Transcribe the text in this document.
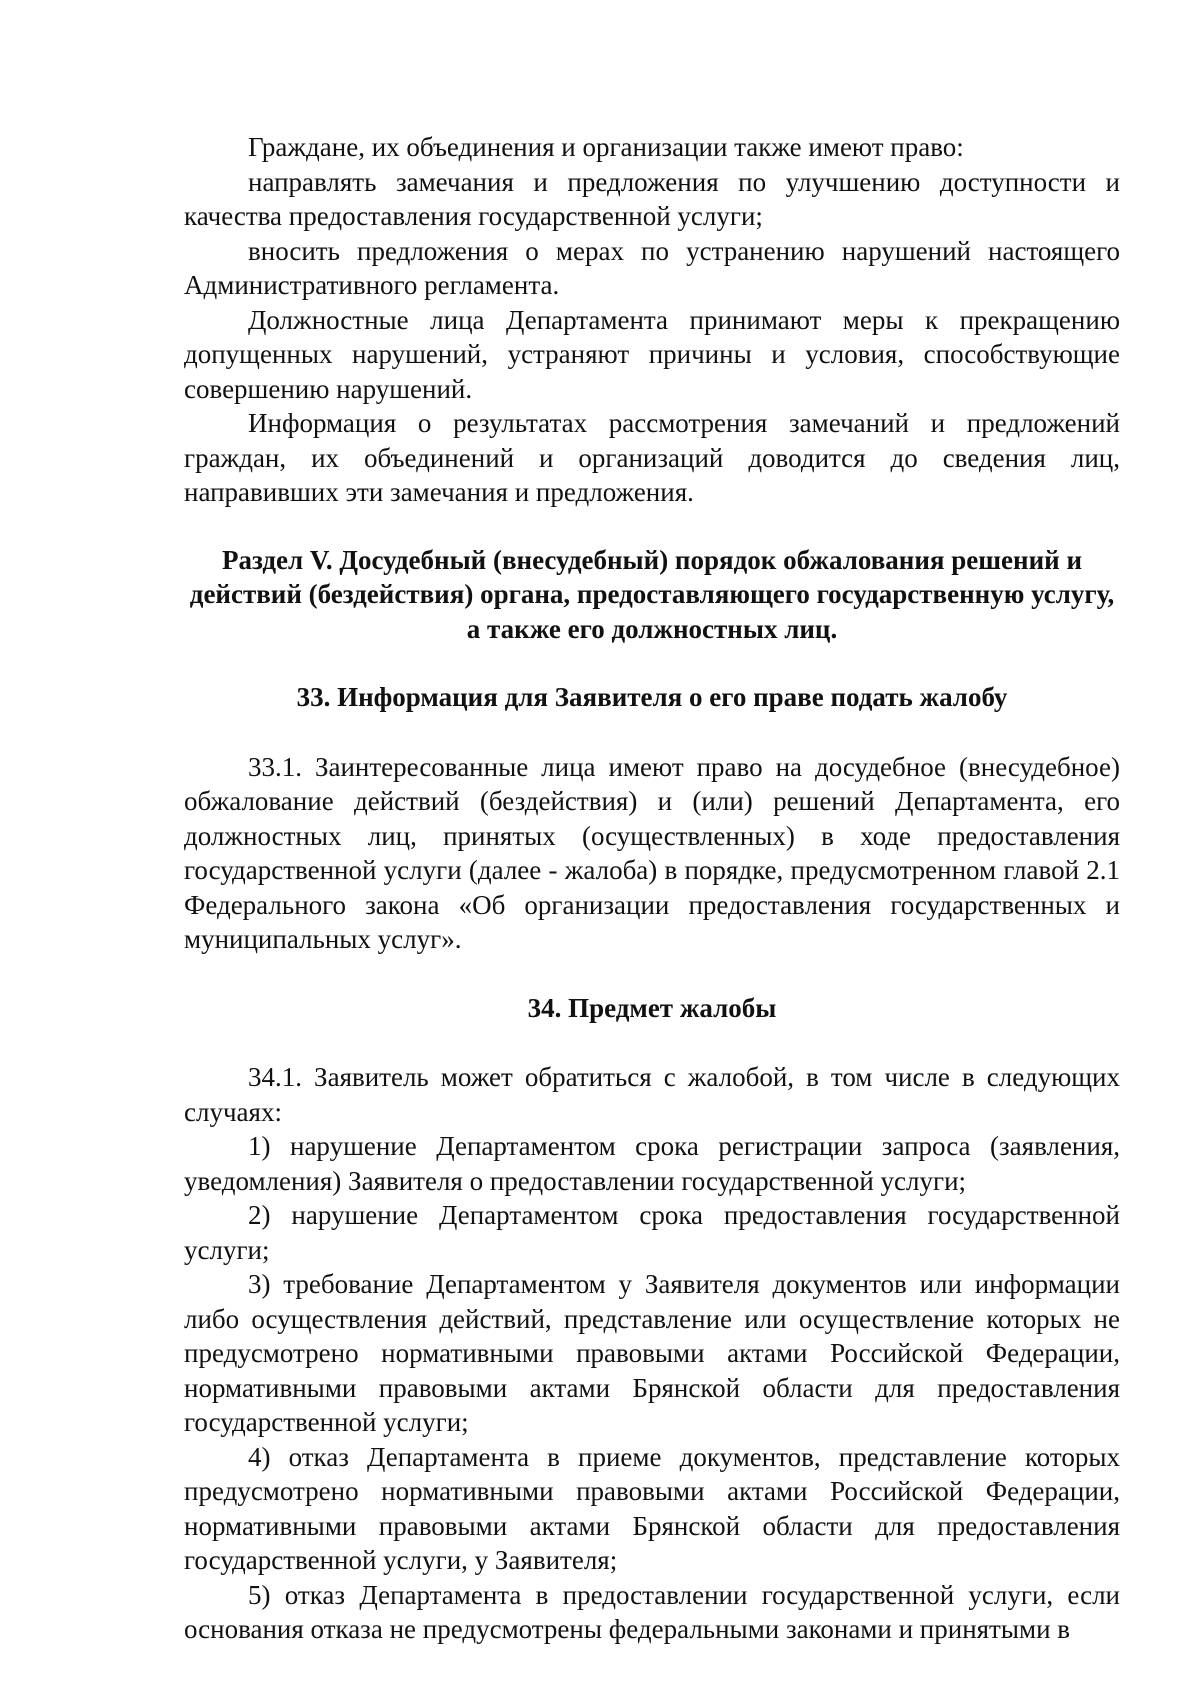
Граждане, их объединения и организации также имеют право:

направлять замечания и предложения по улучшению доступности и качества предоставления государственной услуги;

вносить предложения о мерах по устранению нарушений настоящего Административного регламента.

Должностные лица Департамента принимают меры к прекращению допущенных нарушений, устраняют причины и условия, способствующие совершению нарушений.

Информация о результатах рассмотрения замечаний и предложений граждан, их объединений и организаций доводится до сведения лиц, направивших эти замечания и предложения.

Раздел V. Досудебный (внесудебный) порядок обжалования решений и действий (бездействия) органа, предоставляющего государственную услугу, а также его должностных лиц.
33. Информация для Заявителя о его праве подать жалобу

33.1. Заинтересованные лица имеют право на досудебное (внесудебное) обжалование действий (бездействия) и (или) решений Департамента, его должностных лиц, принятых (осуществленных) в ходе предоставления государственной услуги (далее - жалоба) в порядке, предусмотренном главой 2.1 Федерального закона «Об организации предоставления государственных и муниципальных услуг».

34. Предмет жалобы

34.1. Заявитель может обратиться с жалобой, в том числе в следующих случаях:

1) нарушение Департаментом срока регистрации запроса (заявления, уведомления) Заявителя о предоставлении государственной услуги;

2) нарушение Департаментом срока предоставления государственной услуги;

3) требование Департаментом у Заявителя документов или информации либо осуществления действий, представление или осуществление которых не предусмотрено нормативными правовыми актами Российской Федерации, нормативными правовыми актами Брянской области для предоставления государственной услуги;

4) отказ Департамента в приеме документов, представление которых предусмотрено нормативными правовыми актами Российской Федерации, нормативными правовыми актами Брянской области для предоставления государственной услуги, у Заявителя;

5) отказ Департамента в предоставлении государственной услуги, если основания отказа не предусмотрены федеральными законами и принятыми в
